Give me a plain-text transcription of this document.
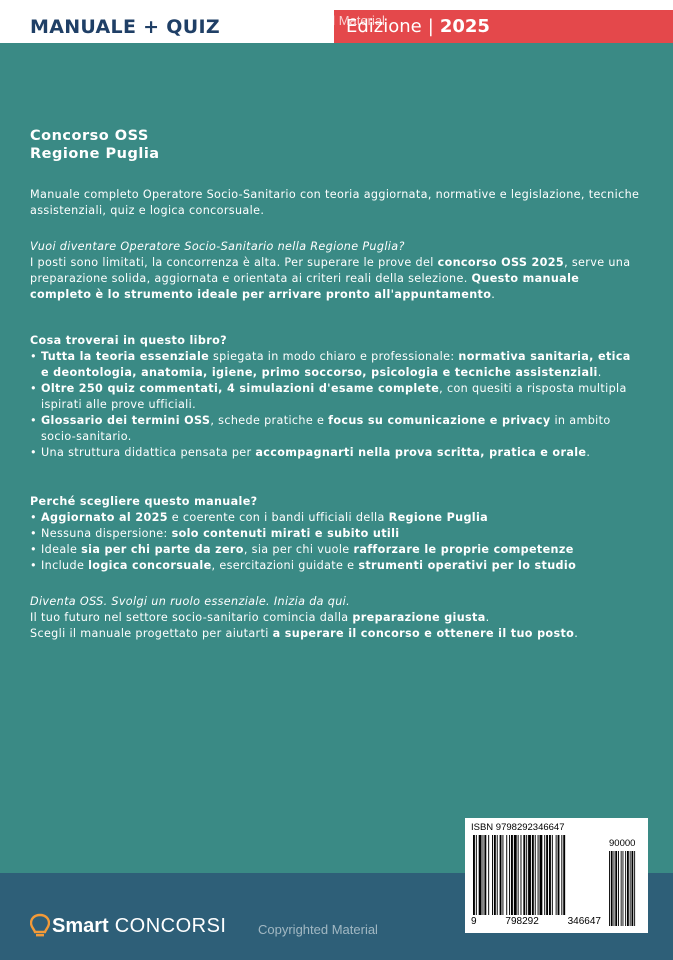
MANUALE + QUIZ	Edizione | 2025
Copyrighted Material
Concorso OSS
Regione Puglia

Manuale completo Operatore Socio-Sanitario con teoria aggiornata, normative e legislazione, tecniche assistenziali, quiz e logica concorsuale.

Vuoi diventare Operatore Socio-Sanitario nella Regione Puglia?

I posti sono limitati, la concorrenza è alta. Per superare le prove del concorso OSS 2025, serve una preparazione solida, aggiornata e orientata ai criteri reali della selezione. Questo manuale completo è lo strumento ideale per arrivare pronto all'appuntamento.

Cosa troverai in questo libro?

• Tutta la teoria essenziale spiegata in modo chiaro e professionale: normativa sanitaria, etica e deontologia, anatomia, igiene, primo soccorso, psicologia e tecniche assistenziali.
• Oltre 250 quiz commentati, 4 simulazioni d'esame complete, con quesiti a risposta multipla ispirati alle prove ufficiali.
• Glossario dei termini OSS, schede pratiche e focus su comunicazione e privacy in ambito socio-sanitario.
• Una struttura didattica pensata per accompagnarti nella prova scritta, pratica e orale.

Perché scegliere questo manuale?

• Aggiornato al 2025 e coerente con i bandi ufficiali della Regione Puglia
• Nessuna dispersione: solo contenuti mirati e subito utili
• Ideale sia per chi parte da zero, sia per chi vuole rafforzare le proprie competenze
• Include logica concorsuale, esercitazioni guidate e strumenti operativi per lo studio

Diventa OSS. Svolgi un ruolo essenziale. Inizia da qui.

Il tuo futuro nel settore socio-sanitario comincia dalla preparazione giusta.

Scegli il manuale progettato per aiutarti a superare il concorso e ottenere il tuo posto.

ISBN 9798292346647
90000
9	798292	346647
Smart CONCORSI Copyrighted Material
